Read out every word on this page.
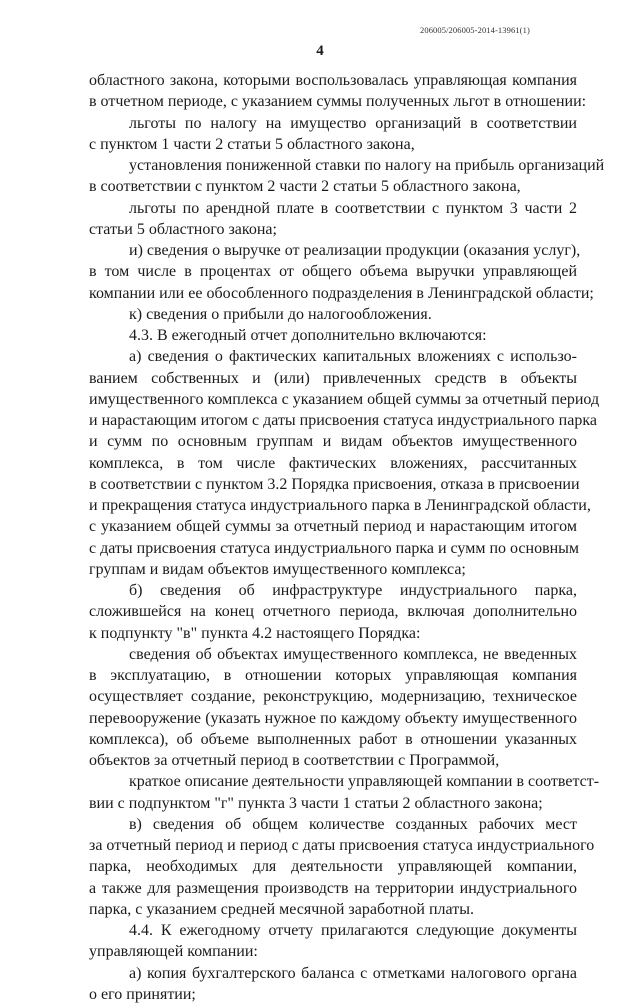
206005/206005-2014-13961(1)
4
областного закона, которыми воспользовалась управляющая компания
в отчетном периоде, с указанием суммы полученных льгот в отношении:
льготы по налогу на имущество организаций в соответствии
с пунктом 1 части 2 статьи 5 областного закона,
установления пониженной ставки по налогу на прибыль организаций
в соответствии с пунктом 2 части 2 статьи 5 областного закона,
льготы по арендной плате в соответствии с пунктом 3 части 2
статьи 5 областного закона;
и) сведения о выручке от реализации продукции (оказания услуг),
в том числе в процентах от общего объема выручки управляющей
компании или ее обособленного подразделения в Ленинградской области;
к) сведения о прибыли до налогообложения.
4.3. В ежегодный отчет дополнительно включаются:
а) сведения о фактических капитальных вложениях с использо-
ванием собственных и (или) привлеченных средств в объекты
имущественного комплекса с указанием общей суммы за отчетный период
и нарастающим итогом с даты присвоения статуса индустриального парка
и сумм по основным группам и видам объектов имущественного
комплекса, в том числе фактических вложениях, рассчитанных
в соответствии с пунктом 3.2 Порядка присвоения, отказа в присвоении
и прекращения статуса индустриального парка в Ленинградской области,
с указанием общей суммы за отчетный период и нарастающим итогом
с даты присвоения статуса индустриального парка и сумм по основным
группам и видам объектов имущественного комплекса;
б) сведения об инфраструктуре индустриального парка,
сложившейся на конец отчетного периода, включая дополнительно
к подпункту "в" пункта 4.2 настоящего Порядка:
сведения об объектах имущественного комплекса, не введенных
в эксплуатацию, в отношении которых управляющая компания
осуществляет создание, реконструкцию, модернизацию, техническое
перевооружение (указать нужное по каждому объекту имущественного
комплекса), об объеме выполненных работ в отношении указанных
объектов за отчетный период в соответствии с Программой,
краткое описание деятельности управляющей компании в соответст-
вии с подпунктом "г" пункта 3 части 1 статьи 2 областного закона;
в) сведения об общем количестве созданных рабочих мест
за отчетный период и период с даты присвоения статуса индустриального
парка, необходимых для деятельности управляющей компании,
а также для размещения производств на территории индустриального
парка, с указанием средней месячной заработной платы.
4.4. К ежегодному отчету прилагаются следующие документы
управляющей компании:
а) копия бухгалтерского баланса с отметками налогового органа
о его принятии;
